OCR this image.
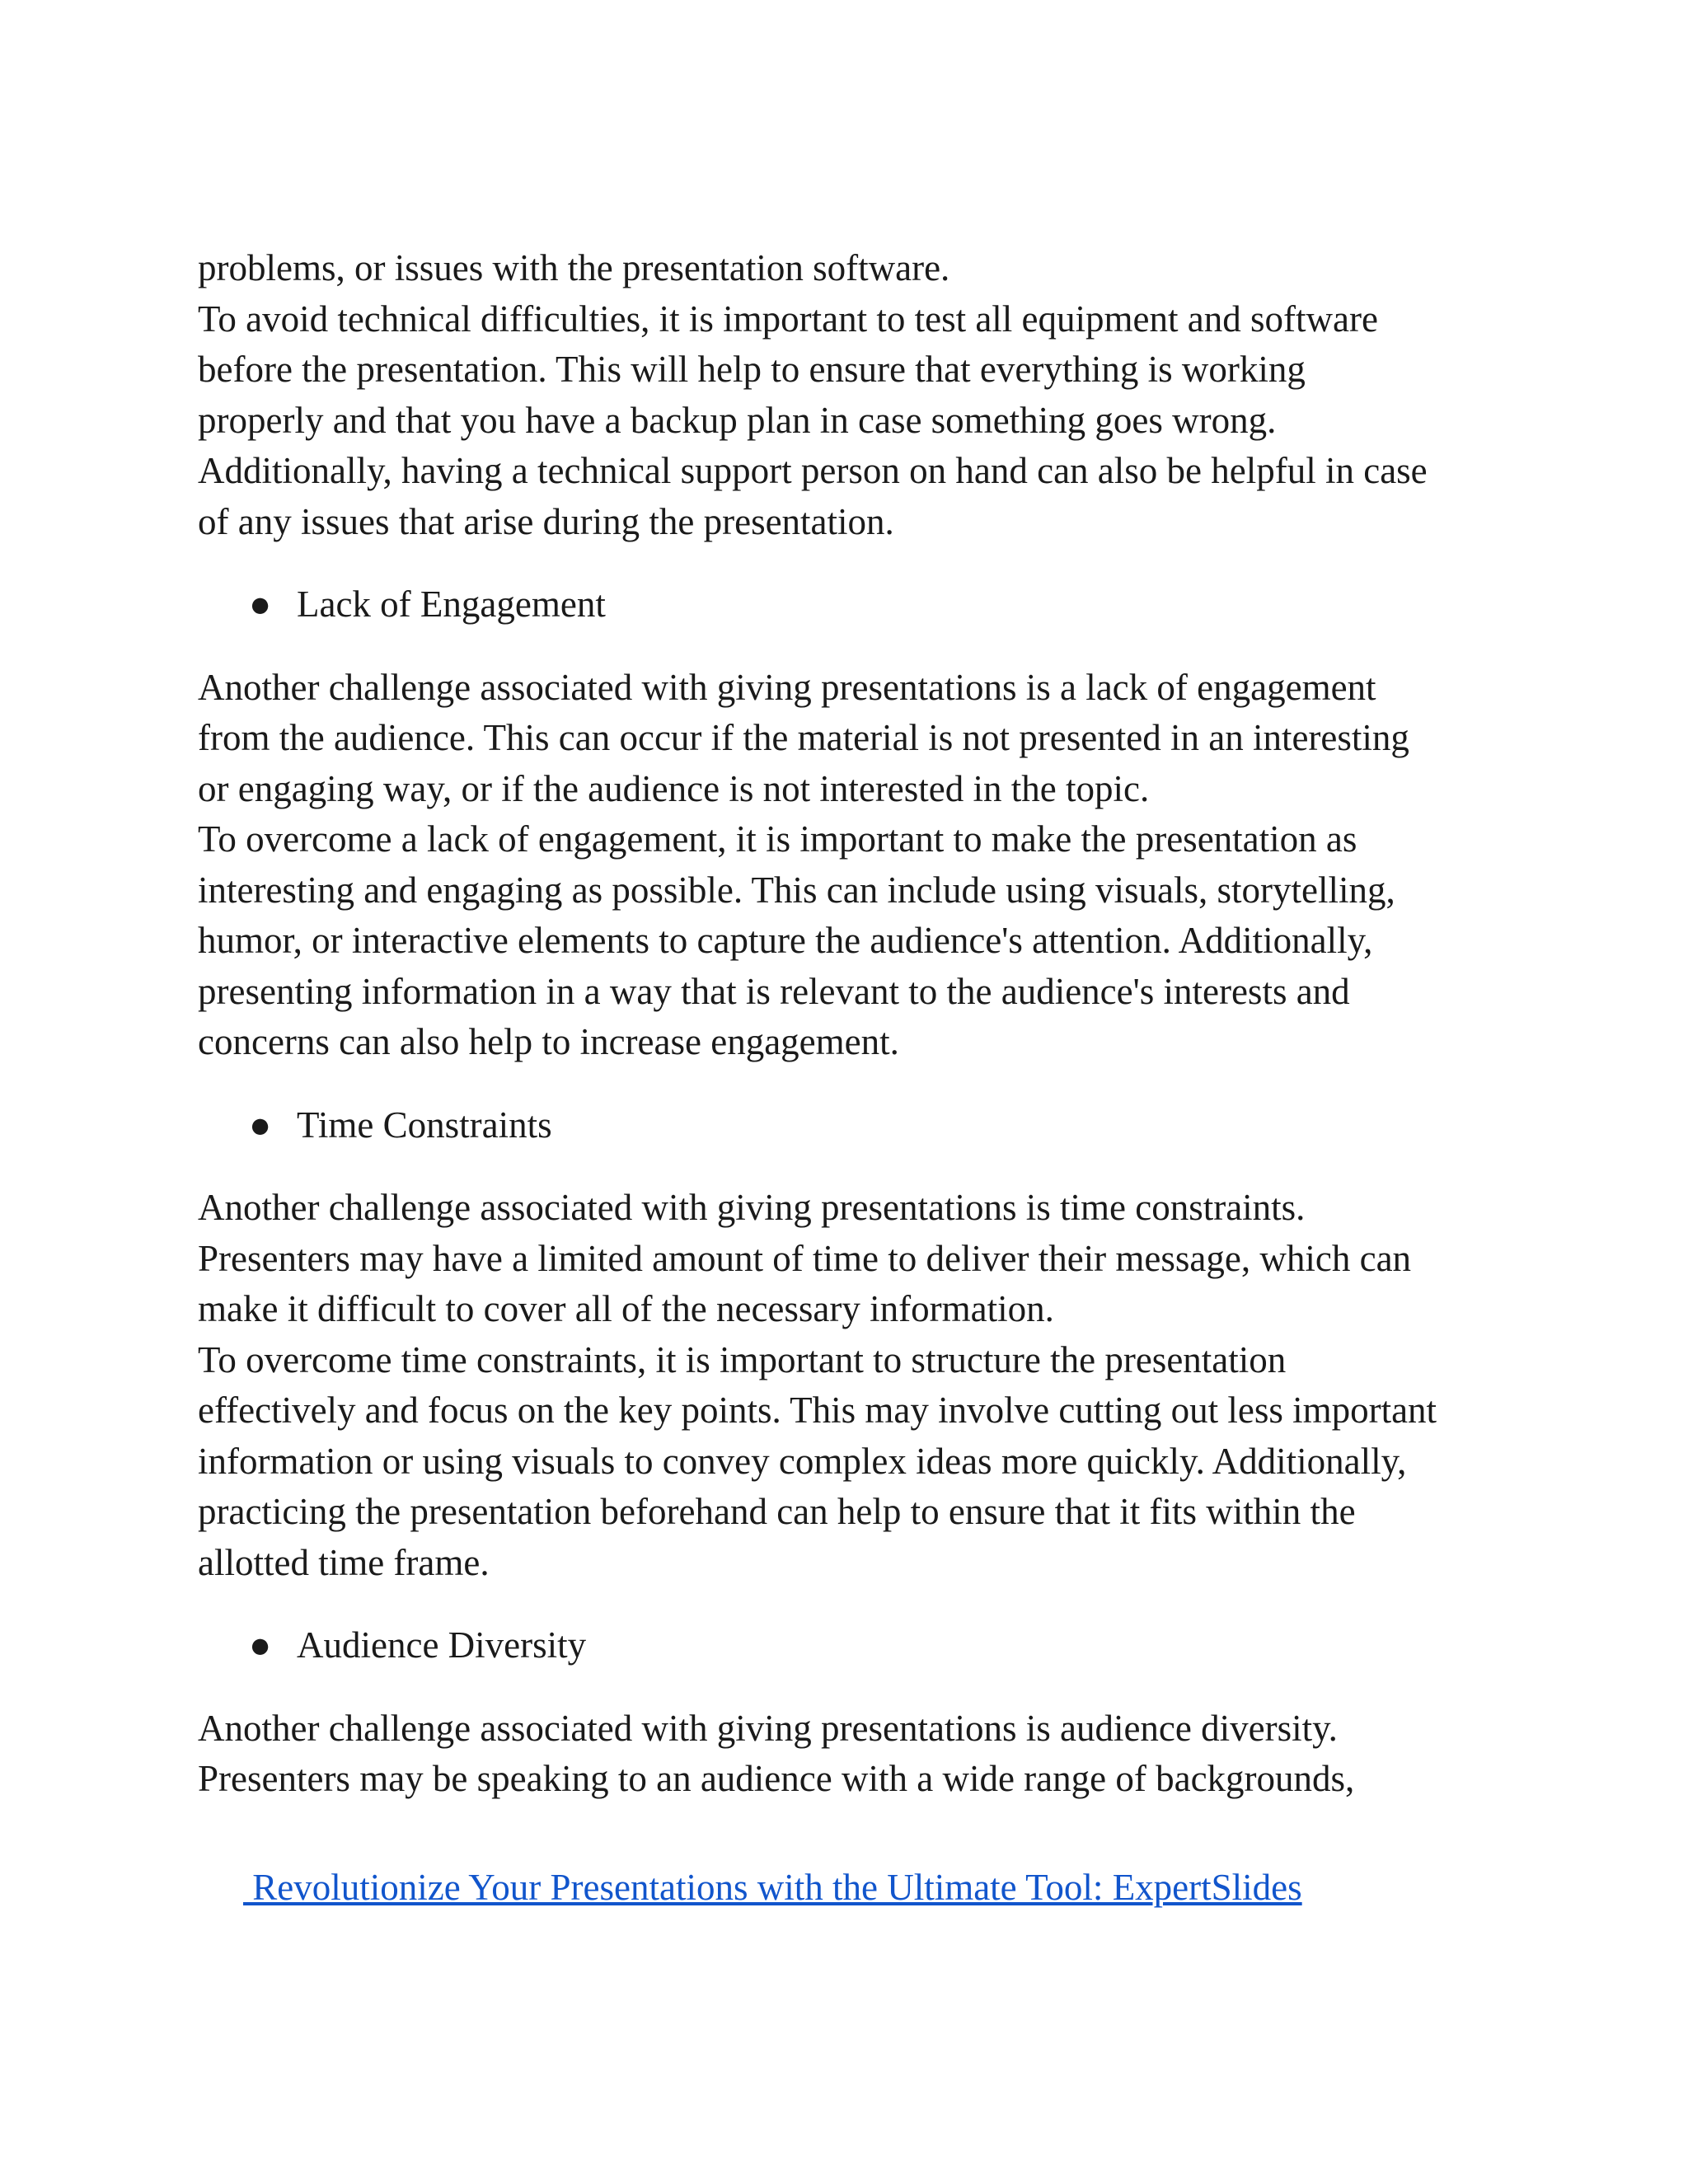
problems, or issues with the presentation software.
To avoid technical difficulties, it is important to test all equipment and software
before the presentation. This will help to ensure that everything is working
properly and that you have a backup plan in case something goes wrong.
Additionally, having a technical support person on hand can also be helpful in case
of any issues that arise during the presentation.

● Lack of Engagement

Another challenge associated with giving presentations is a lack of engagement
from the audience. This can occur if the material is not presented in an interesting
or engaging way, or if the audience is not interested in the topic.
To overcome a lack of engagement, it is important to make the presentation as
interesting and engaging as possible. This can include using visuals, storytelling,
humor, or interactive elements to capture the audience's attention. Additionally,
presenting information in a way that is relevant to the audience's interests and
concerns can also help to increase engagement.

● Time Constraints

Another challenge associated with giving presentations is time constraints.
Presenters may have a limited amount of time to deliver their message, which can
make it difficult to cover all of the necessary information.
To overcome time constraints, it is important to structure the presentation
effectively and focus on the key points. This may involve cutting out less important
information or using visuals to convey complex ideas more quickly. Additionally,
practicing the presentation beforehand can help to ensure that it fits within the
allotted time frame.

● Audience Diversity

Another challenge associated with giving presentations is audience diversity.
Presenters may be speaking to an audience with a wide range of backgrounds,

Revolutionize Your Presentations with the Ultimate Tool: ExpertSlides
